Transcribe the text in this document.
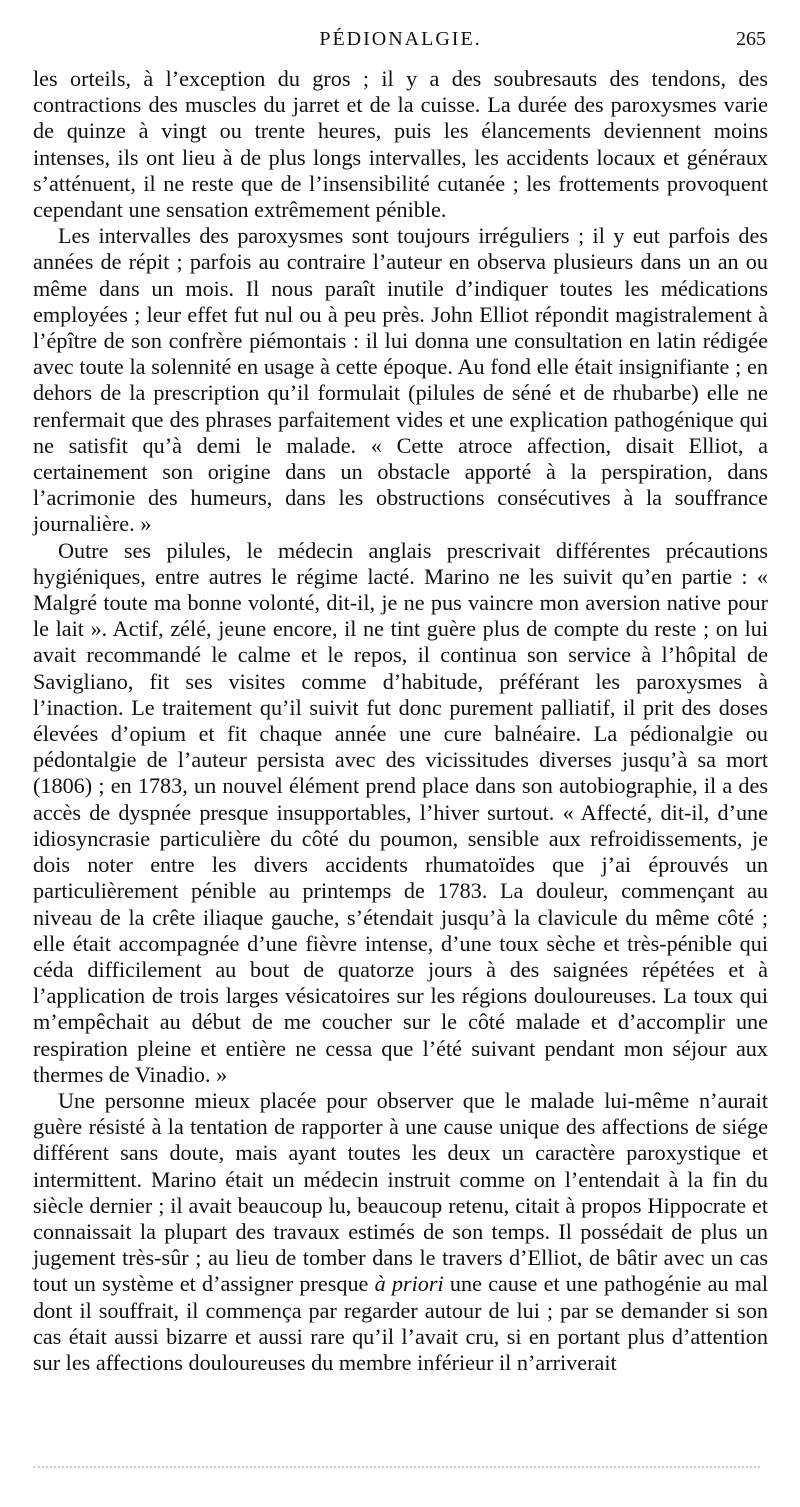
PÉDIONALGIE.	265

les orteils, à l’exception du gros ; il y a des soubresauts des tendons, des contractions des muscles du jarret et de la cuisse. La durée des paroxysmes varie de quinze à vingt ou trente heures, puis les élancements deviennent moins intenses, ils ont lieu à de plus longs intervalles, les accidents locaux et généraux s’atténuent, il ne reste que de l’insensibilité cutanée ; les frottements provoquent cependant une sensation extrêmement pénible.

Les intervalles des paroxysmes sont toujours irréguliers ; il y eut parfois des années de répit ; parfois au contraire l’auteur en observa plusieurs dans un an ou même dans un mois. Il nous paraît inutile d’indiquer toutes les médications employées ; leur effet fut nul ou à peu près. John Elliot répondit magistralement à l’épître de son confrère piémontais : il lui donna une consultation en latin rédigée avec toute la solennité en usage à cette époque. Au fond elle était insignifiante ; en dehors de la prescription qu’il formulait (pilules de séné et de rhubarbe) elle ne renfermait que des phrases parfaitement vides et une explication pathogénique qui ne satisfit qu’à demi le malade. « Cette atroce affection, disait Elliot, a certainement son origine dans un obstacle apporté à la perspiration, dans l’acrimonie des humeurs, dans les obstructions consécutives à la souffrance journalière. »

Outre ses pilules, le médecin anglais prescrivait différentes précautions hygiéniques, entre autres le régime lacté. Marino ne les suivit qu’en partie : « Malgré toute ma bonne volonté, dit-il, je ne pus vaincre mon aversion native pour le lait ». Actif, zélé, jeune encore, il ne tint guère plus de compte du reste ; on lui avait recommandé le calme et le repos, il continua son service à l’hôpital de Savigliano, fit ses visites comme d’habitude, préférant les paroxysmes à l’inaction. Le traitement qu’il suivit fut donc purement palliatif, il prit des doses élevées d’opium et fit chaque année une cure balnéaire. La pédionalgie ou pédontalgie de l’auteur persista avec des vicissitudes diverses jusqu’à sa mort (1806) ; en 1783, un nouvel élément prend place dans son autobiographie, il a des accès de dyspnée presque insupportables, l’hiver surtout. « Affecté, dit-il, d’une idiosyncrasie particulière du côté du poumon, sensible aux refroidissements, je dois noter entre les divers accidents rhumatoïdes que j’ai éprouvés un particulièrement pénible au printemps de 1783. La douleur, commençant au niveau de la crête iliaque gauche, s’étendait jusqu’à la clavicule du même côté ; elle était accompagnée d’une fièvre intense, d’une toux sèche et très-pénible qui céda difficilement au bout de quatorze jours à des saignées répétées et à l’application de trois larges vésicatoires sur les régions douloureuses. La toux qui m’empêchait au début de me coucher sur le côté malade et d’accomplir une respiration pleine et entière ne cessa que l’été suivant pendant mon séjour aux thermes de Vinadio. »

Une personne mieux placée pour observer que le malade lui-même n’aurait guère résisté à la tentation de rapporter à une cause unique des affections de siége différent sans doute, mais ayant toutes les deux un caractère paroxystique et intermittent. Marino était un médecin instruit comme on l’entendait à la fin du siècle dernier ; il avait beaucoup lu, beaucoup retenu, citait à propos Hippocrate et connaissait la plupart des travaux estimés de son temps. Il possédait de plus un jugement très-sûr ; au lieu de tomber dans le travers d’Elliot, de bâtir avec un cas tout un système et d’assigner presque à priori une cause et une pathogénie au mal dont il souffrait, il commença par regarder autour de lui ; par se demander si son cas était aussi bizarre et aussi rare qu’il l’avait cru, si en portant plus d’attention sur les affections douloureuses du membre inférieur il n’arriverait
